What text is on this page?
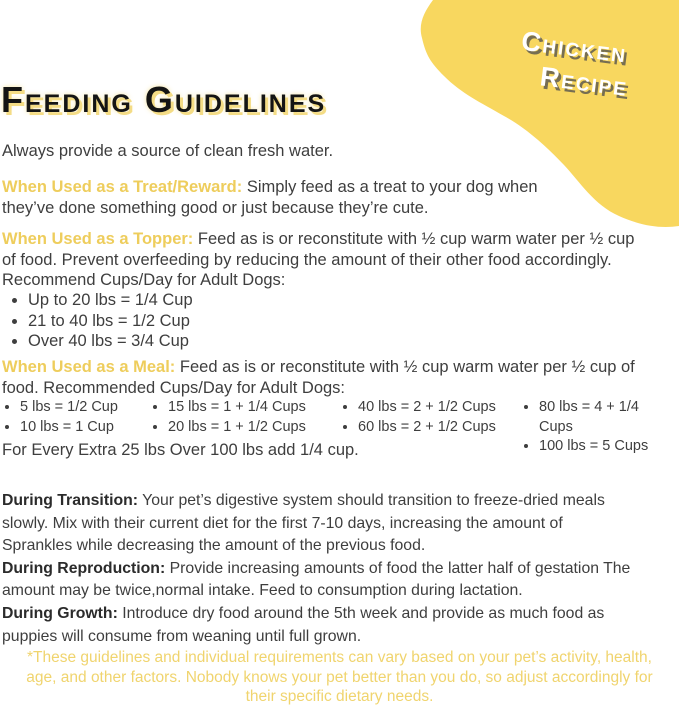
Chicken
Recipe
Feeding Guidelines
Always provide a source of clean fresh water.
When Used as a Treat/Reward: Simply feed as a treat to your dog when they’ve done something good or just because they’re cute.
When Used as a Topper: Feed as is or reconstitute with ½ cup warm water per ½ cup of food. Prevent overfeeding by reducing the amount of their other food accordingly. Recommend Cups/Day for Adult Dogs:
• Up to 20 lbs = 1/4 Cup
• 21 to 40 lbs = 1/2 Cup
• Over 40 lbs = 3/4 Cup
When Used as a Meal: Feed as is or reconstitute with ½ cup warm water per ½ cup of food. Recommended Cups/Day for Adult Dogs:
• 5 lbs = 1/2 Cup
• 10 lbs = 1 Cup
• 15 lbs = 1 + 1/4 Cups
• 20 lbs = 1 + 1/2 Cups
• 40 lbs = 2 + 1/2 Cups
• 60 lbs = 2 + 1/2 Cups
• 80 lbs = 4 + 1/4 Cups
• 100 lbs = 5 Cups
For Every Extra 25 lbs Over 100 lbs add 1/4 cup.

During Transition: Your pet’s digestive system should transition to freeze-dried meals slowly. Mix with their current diet for the first 7-10 days, increasing the amount of Sprankles while decreasing the amount of the previous food.

During Reproduction: Provide increasing amounts of food the latter half of gestation The amount may be twice,normal intake. Feed to consumption during lactation.

During Growth: Introduce dry food around the 5th week and provide as much food as puppies will consume from weaning until full grown.

*These guidelines and individual requirements can vary based on your pet’s activity, health, age, and other factors. Nobody knows your pet better than you do, so adjust accordingly for their specific dietary needs.
